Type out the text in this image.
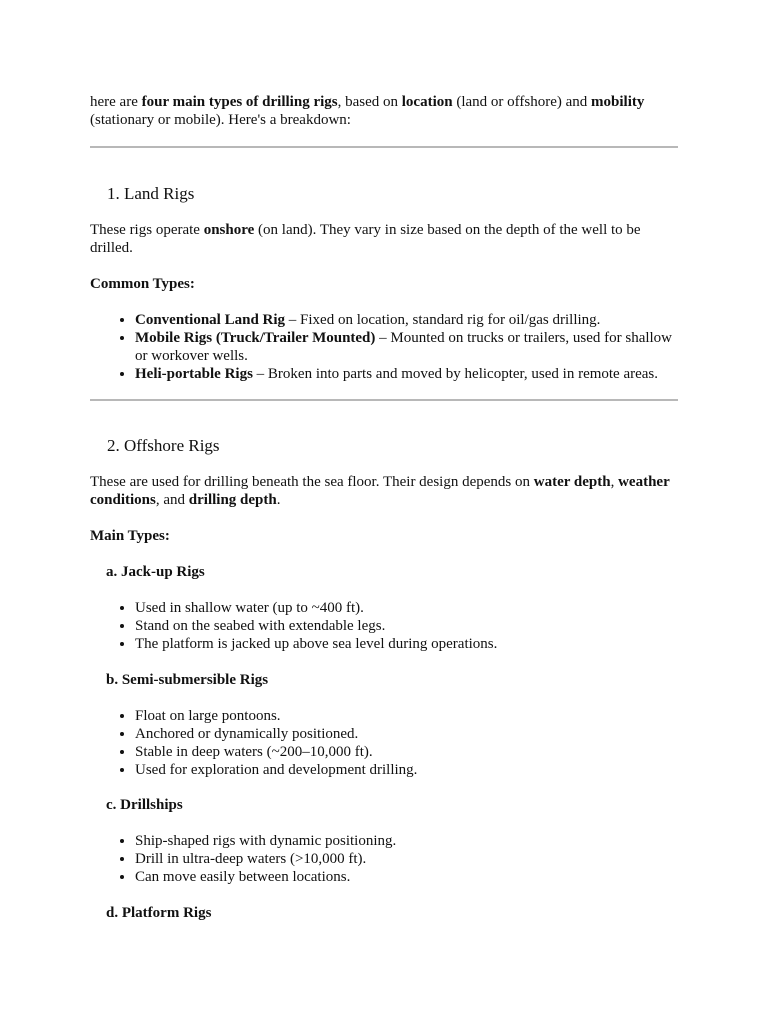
here are four main types of drilling rigs, based on location (land or offshore) and mobility (stationary or mobile). Here's a breakdown:

1. Land Rigs

These rigs operate onshore (on land). They vary in size based on the depth of the well to be drilled.

Common Types:

• Conventional Land Rig – Fixed on location, standard rig for oil/gas drilling.
• Mobile Rigs (Truck/Trailer Mounted) – Mounted on trucks or trailers, used for shallow or workover wells.
• Heli-portable Rigs – Broken into parts and moved by helicopter, used in remote areas.
2. Offshore Rigs

These are used for drilling beneath the sea floor. Their design depends on water depth, weather conditions, and drilling depth.

Main Types:

a. Jack-up Rigs
• Used in shallow water (up to ~400 ft).
• Stand on the seabed with extendable legs.
• The platform is jacked up above sea level during operations.
b. Semi-submersible Rigs
• Float on large pontoons.
• Anchored or dynamically positioned.
• Stable in deep waters (~200–10,000 ft).
• Used for exploration and development drilling.
c. Drillships
• Ship-shaped rigs with dynamic positioning.
• Drill in ultra-deep waters (>10,000 ft).
• Can move easily between locations.
d. Platform Rigs
